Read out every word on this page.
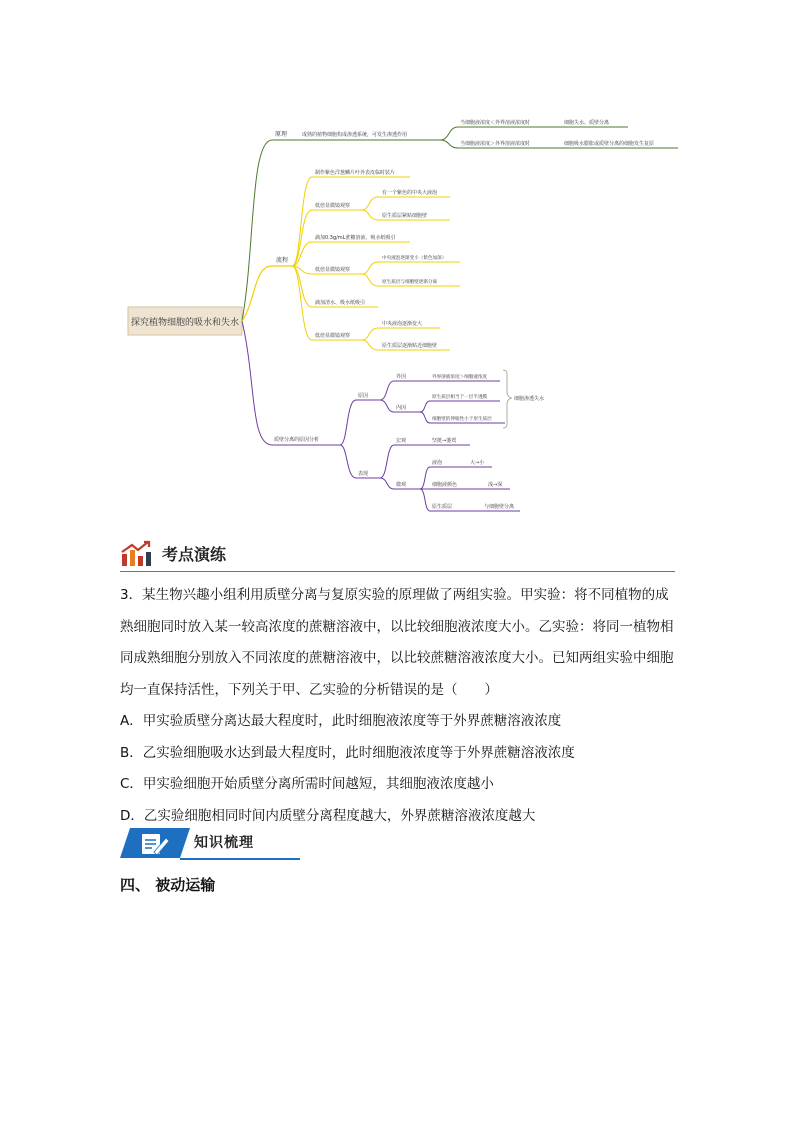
探究植物细胞的吸水和失水
原理	成熟的植物细胞构成渗透系统，可发生渗透作用
当细胞液浓度＜外界溶液浓度时
当细胞液浓度＞外界溶液浓度时
细胞失水、质壁分离
细胞吸水膨胀或质壁分离的细胞发生复原
流程
制作紫色洋葱鳞片叶外表皮临时装片
低倍显微镜观察
有一个紫色的中央大液泡
原生质层紧贴细胞壁
滴加0.3g/mL蔗糖溶液、吸水纸吸引
低倍显微镜观察
中央液泡逐渐变小（紫色加深）
原生质层与细胞壁逐渐分离
滴加清水、吸水纸吸引
低倍显微镜观察
中央液泡逐渐变大
原生质层逐渐贴近细胞壁
质壁分离的原因分析
细胞渗透失水
原因
外因	外界溶液浓度＞细胞液浓度
内因
原生质层相当于一层半透膜
细胞壁的伸缩性小于原生质层
表现
宏观	坚挺→萎蔫
微观
液泡	大→小
细胞液颜色	浅→深
原生质层	与细胞壁分离
考点演练

3．某生物兴趣小组利用质壁分离与复原实验的原理做了两组实验。甲实验：将不同植物的成熟细胞同时放入某一较高浓度的蔗糖溶液中，以比较细胞液浓度大小。乙实验：将同一植物相同成熟细胞分别放入不同浓度的蔗糖溶液中，以比较蔗糖溶液浓度大小。已知两组实验中细胞均一直保持活性，下列关于甲、乙实验的分析错误的是（　　）

A．甲实验质壁分离达最大程度时，此时细胞液浓度等于外界蔗糖溶液浓度

B．乙实验细胞吸水达到最大程度时，此时细胞液浓度等于外界蔗糖溶液浓度

C．甲实验细胞开始质壁分离所需时间越短，其细胞液浓度越小

D．乙实验细胞相同时间内质壁分离程度越大，外界蔗糖溶液浓度越大

知识梳理
四、 被动运输
